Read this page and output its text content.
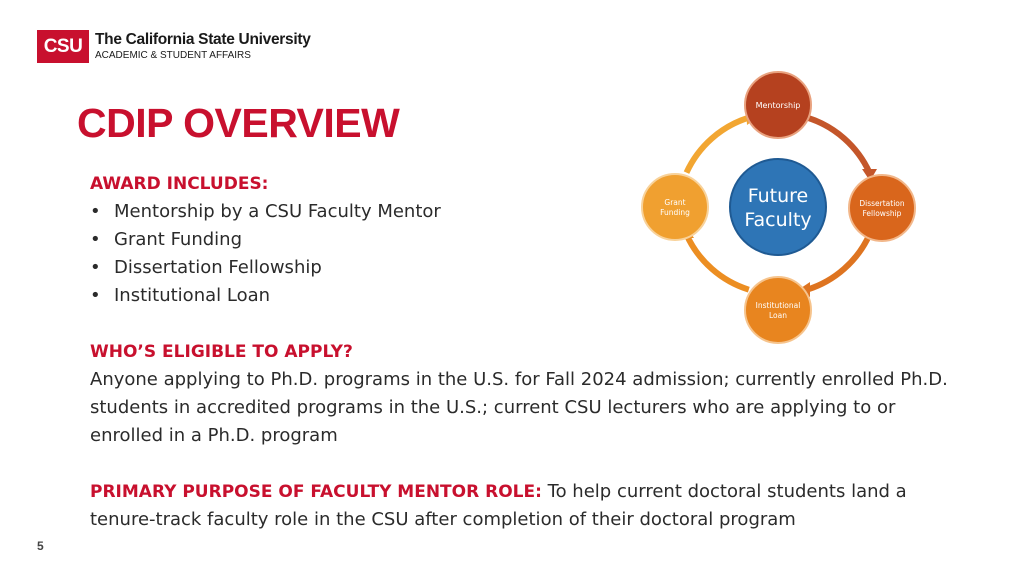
CSU The California State University
ACADEMIC & STUDENT AFFAIRS
CDIP OVERVIEW
AWARD INCLUDES:
• Mentorship by a CSU Faculty Mentor
• Grant Funding
• Dissertation Fellowship
• Institutional Loan
WHO’S ELIGIBLE TO APPLY?
Anyone applying to Ph.D. programs in the U.S. for Fall 2024 admission; currently enrolled Ph.D. students in accredited programs in the U.S.; current CSU lecturers who are applying to or enrolled in a Ph.D. program
PRIMARY PURPOSE OF FACULTY MENTOR ROLE: To help current doctoral students land a tenure-track faculty role in the CSU after completion of their doctoral program
Future
Faculty
Mentorship
Dissertation
Fellowship
Institutional
Loan
Grant
Funding
5
